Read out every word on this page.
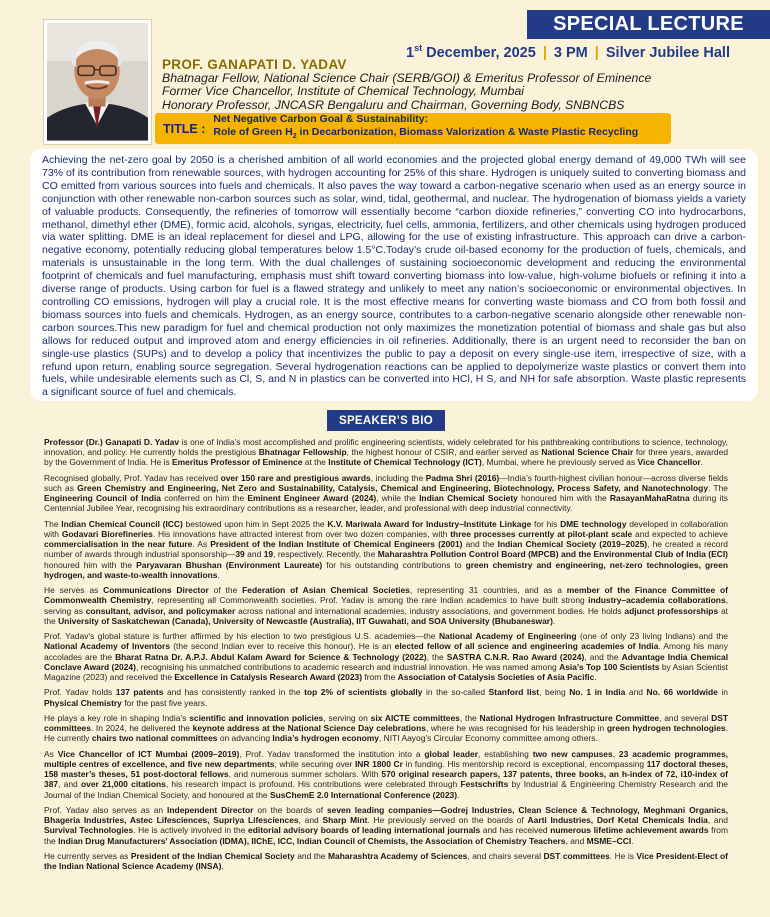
SPECIAL LECTURE
1st December, 2025 | 3 PM | Silver Jubilee Hall
PROF. GANAPATI D. YADAV
Bhatnagar Fellow, National Science Chair (SERB/GOI) & Emeritus Professor of Eminence
Former Vice Chancellor, Institute of Chemical Technology, Mumbai
Honorary Professor, JNCASR Bengaluru and Chairman, Governing Body, SNBNCBS
TITLE :
Net Negative Carbon Goal & Sustainability:
Role of Green $H_2$ in Decarbonization, Biomass Valorization & Waste Plastic Recycling
Achieving the net-zero goal by 2050 is a cherished ambition of all world economies and the projected global energy demand of 49,000 TWh will see 73% of its contribution from renewable sources, with hydrogen accounting for 25% of this share. Hydrogen is uniquely suited to converting biomass and CO emitted from various sources into fuels and chemicals. It also paves the way toward a carbon-negative scenario when used as an energy source in conjunction with other renewable non-carbon sources such as solar, wind, tidal, geothermal, and nuclear. The hydrogenation of biomass yields a variety of valuable products. Consequently, the refineries of tomorrow will essentially become “carbon dioxide refineries,” converting CO into hydrocarbons, methanol, dimethyl ether (DME), formic acid, alcohols, syngas, electricity, fuel cells, ammonia, fertilizers, and other chemicals using hydrogen produced via water splitting. DME is an ideal replacement for diesel and LPG, allowing for the use of existing infrastructure. This approach can drive a carbon-negative economy, potentially reducing global temperatures below 1.5°C.Today’s crude oil-based economy for the production of fuels, chemicals, and materials is unsustainable in the long term. With the dual challenges of sustaining socioeconomic development and reducing the environmental footprint of chemicals and fuel manufacturing, emphasis must shift toward converting biomass into low-value, high-volume biofuels or refining it into a diverse range of products. Using carbon for fuel is a flawed strategy and unlikely to meet any nation’s socioeconomic or environmental objectives. In controlling CO emissions, hydrogen will play a crucial role. It is the most effective means for converting waste biomass and CO from both fossil and biomass sources into fuels and chemicals. Hydrogen, as an energy source, contributes to a carbon-negative scenario alongside other renewable non-carbon sources.This new paradigm for fuel and chemical production not only maximizes the monetization potential of biomass and shale gas but also allows for reduced output and improved atom and energy efficiencies in oil refineries. Additionally, there is an urgent need to reconsider the ban on single-use plastics (SUPs) and to develop a policy that incentivizes the public to pay a deposit on every single-use item, irrespective of size, with a refund upon return, enabling source segregation. Several hydrogenation reactions can be applied to depolymerize waste plastics or convert them into fuels, while undesirable elements such as Cl, S, and N in plastics can be converted into HCl, H S, and NH for safe absorption. Waste plastic represents a significant source of fuel and chemicals.
SPEAKER’S BIO

Professor (Dr.) Ganapati D. Yadav is one of India’s most accomplished and prolific engineering scientists, widely celebrated for his pathbreaking contributions to science, technology, innovation, and policy. He currently holds the prestigious Bhatnagar Fellowship, the highest honour of CSIR, and earlier served as National Science Chair for three years, awarded by the Government of India. He is Emeritus Professor of Eminence at the Institute of Chemical Technology (ICT), Mumbai, where he previously served as Vice Chancellor.

Recognised globally, Prof. Yadav has received over 150 rare and prestigious awards, including the Padma Shri (2016)—India’s fourth-highest civilian honour—across diverse fields such as Green Chemistry and Engineering, Net Zero and Sustainability, Catalysis, Chemical and Engineering, Biotechnology, Process Safety, and Nanotechnology. The Engineering Council of India conferred on him the Eminent Engineer Award (2024), while the Indian Chemical Society honoured him with the RasayanMahaRatna during its Centennial Jubilee Year, recognising his extraordinary contributions as a researcher, leader, and professional with deep industrial connectivity.

The Indian Chemical Council (ICC) bestowed upon him in Sept 2025 the K.V. Mariwala Award for Industry–Institute Linkage for his DME technology developed in collaboration with Godavari Biorefineries. His innovations have attracted interest from over two dozen companies, with three processes currently at pilot-plant scale and expected to achieve commercialisation in the near future. As President of the Indian Institute of Chemical Engineers (2001) and the Indian Chemical Society (2019–2025), he created a record number of awards through industrial sponsorship—39 and 19, respectively. Recently, the Maharashtra Pollution Control Board (MPCB) and the Environmental Club of India (ECI) honoured him with the Paryavaran Bhushan (Environment Laureate) for his outstanding contributions to green chemistry and engineering, net-zero technologies, green hydrogen, and waste-to-wealth innovations.

He serves as Communications Director of the Federation of Asian Chemical Societies, representing 31 countries, and as a member of the Finance Committee of Commonwealth Chemistry, representing all Commonwealth societies. Prof. Yadav is among the rare Indian academics to have built strong industry–academia collaborations, serving as consultant, advisor, and policymaker across national and international academies, industry associations, and government bodies. He holds adjunct professorships at the University of Saskatchewan (Canada), University of Newcastle (Australia), IIT Guwahati, and SOA University (Bhubaneswar).

Prof. Yadav’s global stature is further affirmed by his election to two prestigious U.S. academies—the National Academy of Engineering (one of only 23 living Indians) and the National Academy of Inventors (the second Indian ever to receive this honour). He is an elected fellow of all science and engineering academies of India. Among his many accolades are the Bharat Ratna Dr. A.P.J. Abdul Kalam Award for Science & Technology (2022), the SASTRA C.N.R. Rao Award (2024), and the Advantage India Chemical Conclave Award (2024), recognising his unmatched contributions to academic research and industrial innovation. He was named among Asia’s Top 100 Scientists by Asian Scientist Magazine (2023) and received the Excellence in Catalysis Research Award (2023) from the Association of Catalysis Societies of Asia Pacific.

Prof. Yadav holds 137 patents and has consistently ranked in the top 2% of scientists globally in the so-called Stanford list, being No. 1 in India and No. 66 worldwide in Physical Chemistry for the past five years.

He plays a key role in shaping India’s scientific and innovation policies, serving on six AICTE committees, the National Hydrogen Infrastructure Committee, and several DST committees. In 2024, he delivered the keynote address at the National Science Day celebrations, where he was recognised for his leadership in green hydrogen technologies. He currently chairs two national committees on advancing India’s hydrogen economy, NITI Aayog’s Circular Economy committee among others.

As Vice Chancellor of ICT Mumbai (2009–2019), Prof. Yadav transformed the institution into a global leader, establishing two new campuses, 23 academic programmes, multiple centres of excellence, and five new departments, while securing over INR 1800 Cr in funding. His mentorship record is exceptional, encompassing 117 doctoral theses, 158 master’s theses, 51 post-doctoral fellows, and numerous summer scholars. With 570 original research papers, 137 patents, three books, an h-index of 72, i10-index of 387, and over 21,000 citations, his research impact is profound. His contributions were celebrated through Festschrifts by Industrial & Engineering Chemistry Research and the Journal of the Indian Chemical Society, and honoured at the SusChemE 2.0 International Conference (2023).

Prof. Yadav also serves as an Independent Director on the boards of seven leading companies—Godrej Industries, Clean Science & Technology, Meghmani Organics, Bhageria Industries, Astec Lifesciences, Supriya Lifesciences, and Sharp Mint. He previously served on the boards of Aarti Industries, Dorf Ketal Chemicals India, and Survival Technologies. He is actively involved in the editorial advisory boards of leading international journals and has received numerous lifetime achievement awards from the Indian Drug Manufacturers’ Association (IDMA), IIChE, ICC, Indian Council of Chemists, the Association of Chemistry Teachers, and MSME–CCI.

He currently serves as President of the Indian Chemical Society and the Maharashtra Academy of Sciences, and chairs several DST committees. He is Vice President-Elect of the Indian National Science Academy (INSA).
